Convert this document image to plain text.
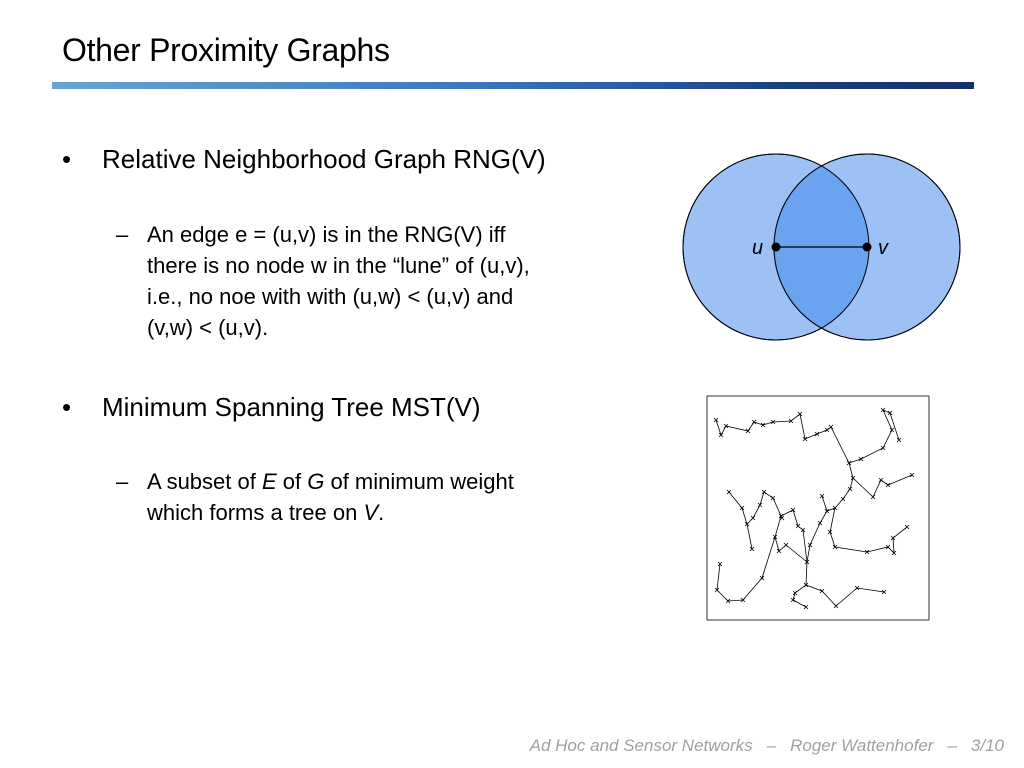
Other Proximity Graphs
• Relative Neighborhood Graph RNG(V)
– An edge e = (u,v) is in the RNG(V) iff
there is no node w in the “lune” of (u,v),
i.e., no noe with with (u,w) < (u,v) and
(v,w) < (u,v).
• Minimum Spanning Tree MST(V)
– A subset of E of G of minimum weight
which forms a tree on V.
u	v
Ad Hoc and Sensor Networks – Roger Wattenhofer – 3/10
